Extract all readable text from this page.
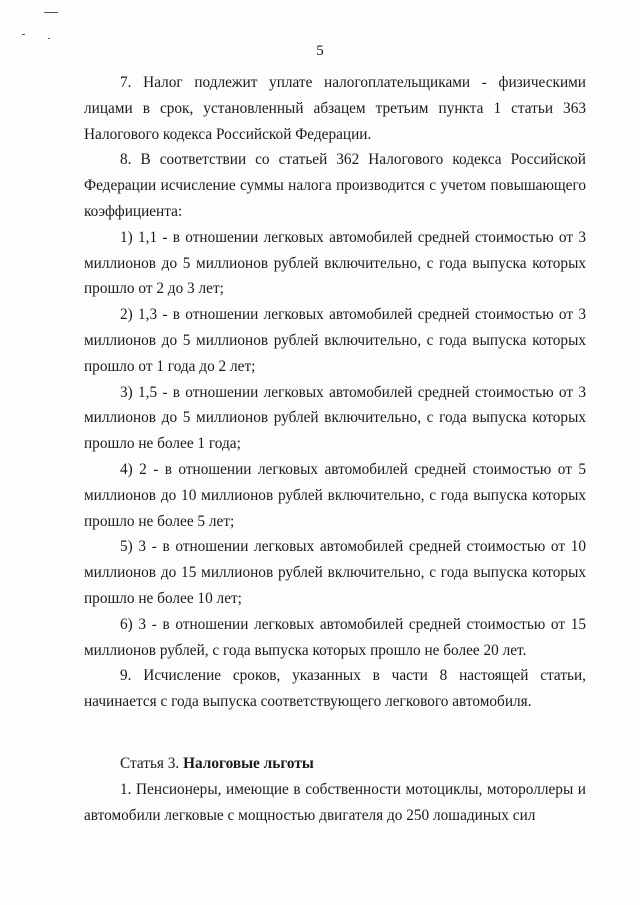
5

7. Налог подлежит уплате налогоплательщиками - физическими лицами в срок, установленный абзацем третьим пункта 1 статьи 363 Налогового кодекса Российской Федерации.

8. В соответствии со статьей 362 Налогового кодекса Российской Федерации исчисление суммы налога производится с учетом повышающего коэффициента:

1) 1,1 - в отношении легковых автомобилей средней стоимостью от 3 миллионов до 5 миллионов рублей включительно, с года выпуска которых прошло от 2 до 3 лет;

2) 1,3 - в отношении легковых автомобилей средней стоимостью от 3 миллионов до 5 миллионов рублей включительно, с года выпуска которых прошло от 1 года до 2 лет;

3) 1,5 - в отношении легковых автомобилей средней стоимостью от 3 миллионов до 5 миллионов рублей включительно, с года выпуска которых прошло не более 1 года;

4) 2 - в отношении легковых автомобилей средней стоимостью от 5 миллионов до 10 миллионов рублей включительно, с года выпуска которых прошло не более 5 лет;

5) 3 - в отношении легковых автомобилей средней стоимостью от 10 миллионов до 15 миллионов рублей включительно, с года выпуска которых прошло не более 10 лет;

6) 3 - в отношении легковых автомобилей средней стоимостью от 15 миллионов рублей, с года выпуска которых прошло не более 20 лет.

9. Исчисление сроков, указанных в части 8 настоящей статьи, начинается с года выпуска соответствующего легкового автомобиля.

Статья 3. Налоговые льготы

1. Пенсионеры, имеющие в собственности мотоциклы, мотороллеры и автомобили легковые с мощностью двигателя до 250 лошадиных сил
